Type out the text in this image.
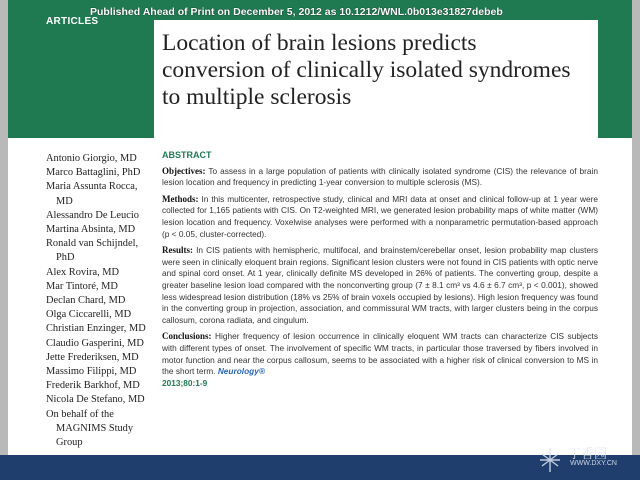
ARTICLES
Published Ahead of Print on December 5, 2012 as 10.1212/WNL.0b013e31827debeb
Location of brain lesions predicts
conversion of clinically isolated syndromes
to multiple sclerosis
Antonio Giorgio, MD
Marco Battaglini, PhD
Maria Assunta Rocca,
MD
Alessandro De Leucio
Martina Absinta, MD
Ronald van Schijndel,
PhD
Alex Rovira, MD
Mar Tintoré, MD
Declan Chard, MD
Olga Ciccarelli, MD
Christian Enzinger, MD
Claudio Gasperini, MD
Jette Frederiksen, MD
Massimo Filippi, MD
Frederik Barkhof, MD
Nicola De Stefano, MD
On behalf of the
MAGNIMS Study
Group
ABSTRACT

Objectives: To assess in a large population of patients with clinically isolated syndrome (CIS) the relevance of brain lesion location and frequency in predicting 1-year conversion to multiple sclerosis (MS).

Methods: In this multicenter, retrospective study, clinical and MRI data at onset and clinical follow-up at 1 year were collected for 1,165 patients with CIS. On T2-weighted MRI, we generated lesion probability maps of white matter (WM) lesion location and frequency. Voxelwise analyses were performed with a nonparametric permutation-based approach (p < 0.05, cluster-corrected).

Results: In CIS patients with hemispheric, multifocal, and brainstem/cerebellar onset, lesion probability map clusters were seen in clinically eloquent brain regions. Significant lesion clusters were not found in CIS patients with optic nerve and spinal cord onset. At 1 year, clinically definite MS developed in 26% of patients. The converting group, despite a greater baseline lesion load compared with the nonconverting group (7 ± 8.1 cm³ vs 4.6 ± 6.7 cm³, p < 0.001), showed less widespread lesion distribution (18% vs 25% of brain voxels occupied by lesions). High lesion frequency was found in the converting group in projection, association, and commissural WM tracts, with larger clusters being in the corpus callosum, corona radiata, and cingulum.

Conclusions: Higher frequency of lesion occurrence in clinically eloquent WM tracts can characterize CIS subjects with different types of onset. The involvement of specific WM tracts, in particular those traversed by fibers involved in motor function and near the corpus callosum, seems to be associated with a higher risk of clinical conversion to MS in the short term. Neurology®
2013;80:1-9

丁香园
WWW.DXY.CN
